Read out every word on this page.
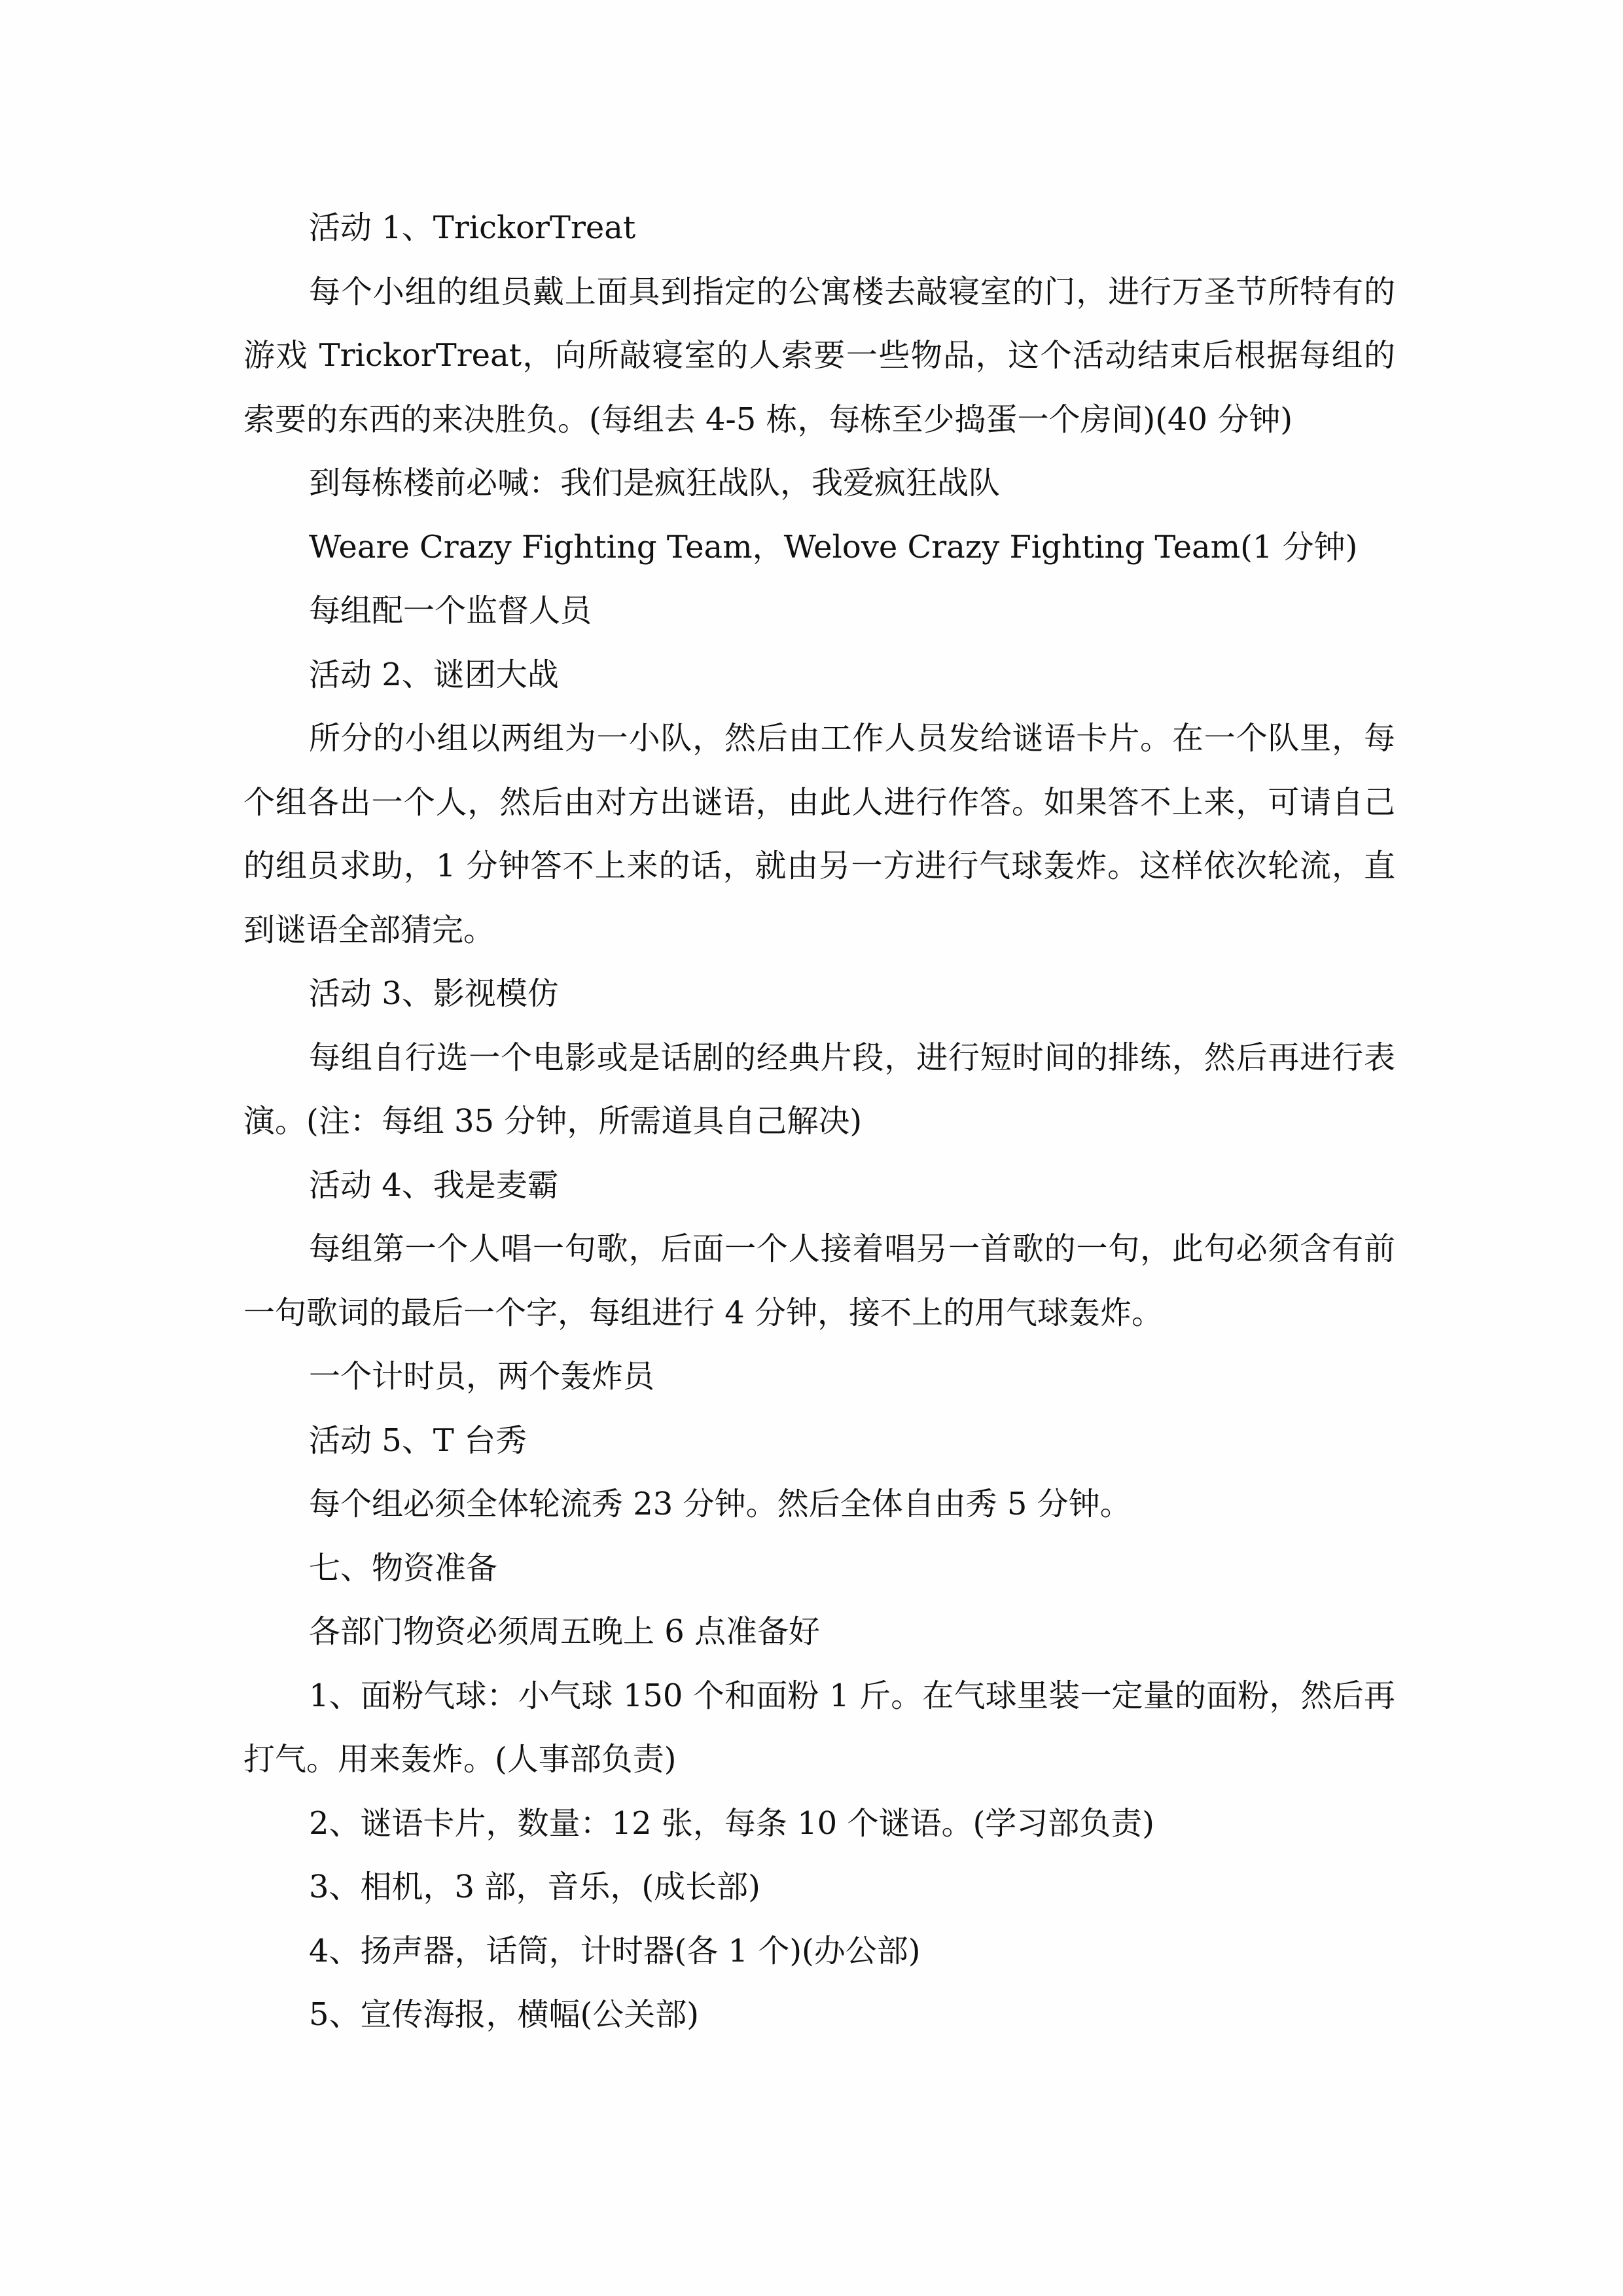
活动 1、TrickorTreat

每个小组的组员戴上面具到指定的公寓楼去敲寝室的门，进行万圣节所特有的游戏 TrickorTreat，向所敲寝室的人索要一些物品，这个活动结束后根据每组的索要的东西的来决胜负。(每组去 4-5 栋，每栋至少捣蛋一个房间)(40 分钟)

到每栋楼前必喊：我们是疯狂战队，我爱疯狂战队

Weare Crazy Fighting Team，Welove Crazy Fighting Team(1 分钟)

每组配一个监督人员

活动 2、谜团大战

所分的小组以两组为一小队，然后由工作人员发给谜语卡片。在一个队里，每个组各出一个人，然后由对方出谜语，由此人进行作答。如果答不上来，可请自己的组员求助，1 分钟答不上来的话，就由另一方进行气球轰炸。这样依次轮流，直到谜语全部猜完。

活动 3、影视模仿

每组自行选一个电影或是话剧的经典片段，进行短时间的排练，然后再进行表演。(注：每组 35 分钟，所需道具自己解决)

活动 4、我是麦霸

每组第一个人唱一句歌，后面一个人接着唱另一首歌的一句，此句必须含有前一句歌词的最后一个字，每组进行 4 分钟，接不上的用气球轰炸。

一个计时员，两个轰炸员

活动 5、T 台秀

每个组必须全体轮流秀 23 分钟。然后全体自由秀 5 分钟。

七、物资准备

各部门物资必须周五晚上 6 点准备好

1、面粉气球：小气球 150 个和面粉 1 斤。在气球里装一定量的面粉，然后再打气。用来轰炸。(人事部负责)

2、谜语卡片，数量：12 张，每条 10 个谜语。(学习部负责)

3、相机，3 部，音乐，(成长部)

4、扬声器，话筒，计时器(各 1 个)(办公部)

5、宣传海报，横幅(公关部)
